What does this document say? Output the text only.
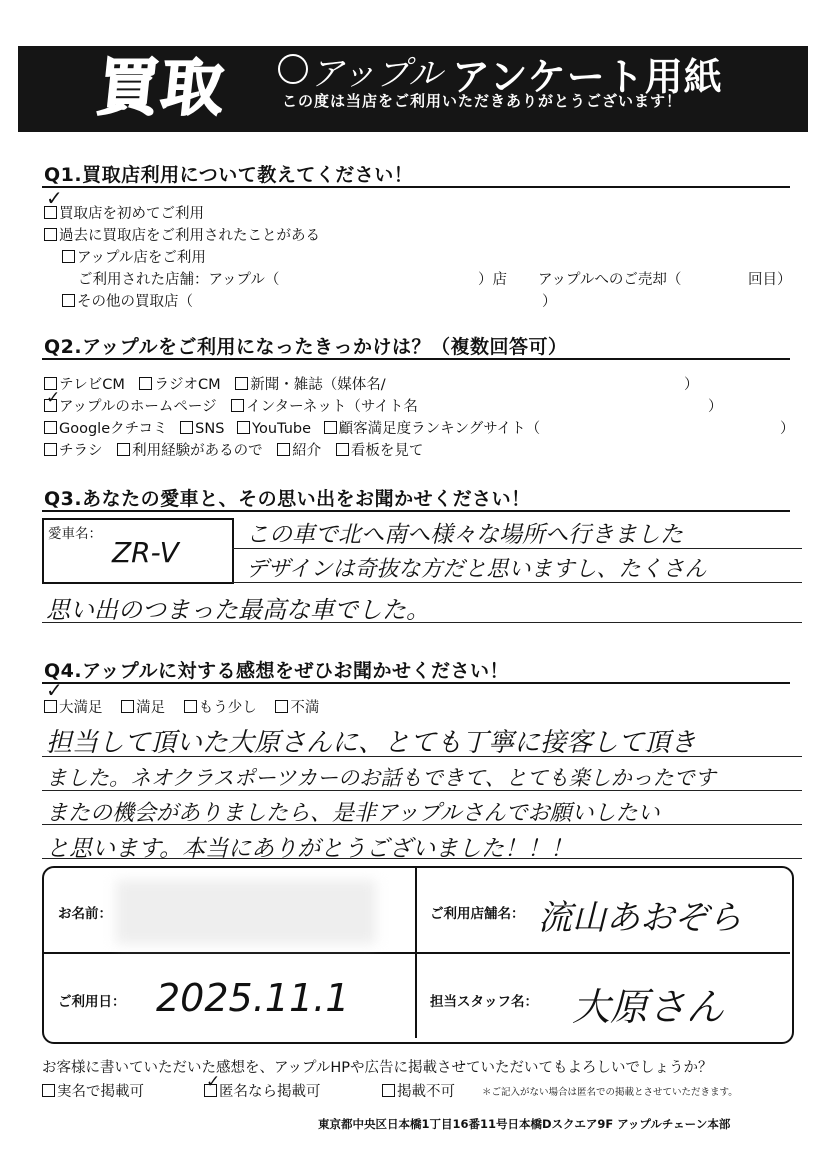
買取 アップル アンケート用紙
この度は当店をご利用いただきありがとうございます！
Q1.買取店利用について教えてください！
✓
買取店を初めてご利用
過去に買取店をご利用されたことがある
アップル店をご利用
ご利用された店舗：アップル（	）店 アップルへのご売却（	回目）
その他の買取店（	）
Q2.アップルをご利用になったきっかけは？（複数回答可）
テレビCM ラジオCM 新聞・雑誌（媒体名/	）
✓
アップルのホームページ インターネット（サイト名	）
Googleクチコミ SNS YouTube 顧客満足度ランキングサイト（	）
チラシ 利用経験があるので 紹介 看板を見て
Q3.あなたの愛車と、その思い出をお聞かせください！
愛車名：
ZR-V
この車で北へ南へ様々な場所へ行きました
デザインは奇抜な方だと思いますし、たくさん
思い出のつまった最高な車でした。
Q4.アップルに対する感想をぜひお聞かせください！
✓
大満足 満足 もう少し 不満
担当して頂いた大原さんに、とても丁寧に接客して頂き
ました。ネオクラスポーツカーのお話もできて、とても楽しかったです
またの機会がありましたら、是非アップルさんでお願いしたい
と思います。本当にありがとうございました！！！
お名前：	ご利用店舗名： 流山あおぞら
ご利用日： 2025.11.1	担当スタッフ名： 大原さん
お客様に書いていただいた感想を、アップルHPや広告に掲載させていただいてもよろしいでしょうか？
✓
実名で掲載可	匿名なら掲載可	掲載不可	＊ご記入がない場合は匿名での掲載とさせていただきます。
東京都中央区日本橋1丁目16番11号日本橋Dスクエア9F アップルチェーン本部
